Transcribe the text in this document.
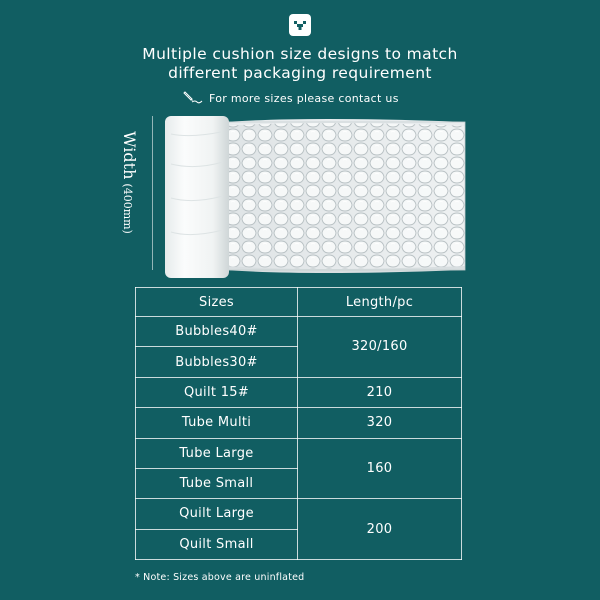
Multiple cushion size designs to match
different packaging requirement
For more sizes please contact us
Width(400mm)
Sizes	Length/pc
Bubbles40#	320/160
Bubbles30#	
Quilt 15#	210
Tube Multi	320
Tube Large	160
Tube Small	
Quilt Large	200
Quilt Small	
* Note: Sizes above are uninflated
